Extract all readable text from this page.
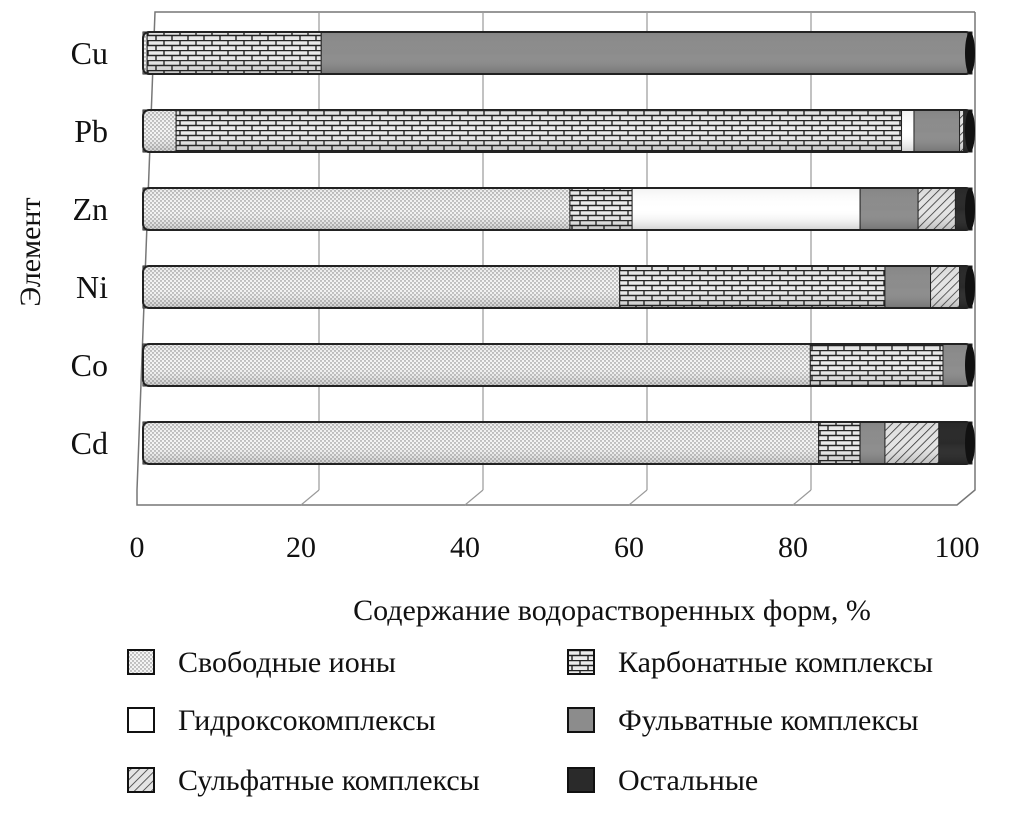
0	20	40	60	80	100
Cu
Pb
Zn
Ni
Co
Cd
Содержание водорастворенных форм, %
Элемент
Свободные ионы	Карбонатные комплексы
Гидроксокомплексы	Фульватные комплексы
Сульфатные комплексы	Остальные
